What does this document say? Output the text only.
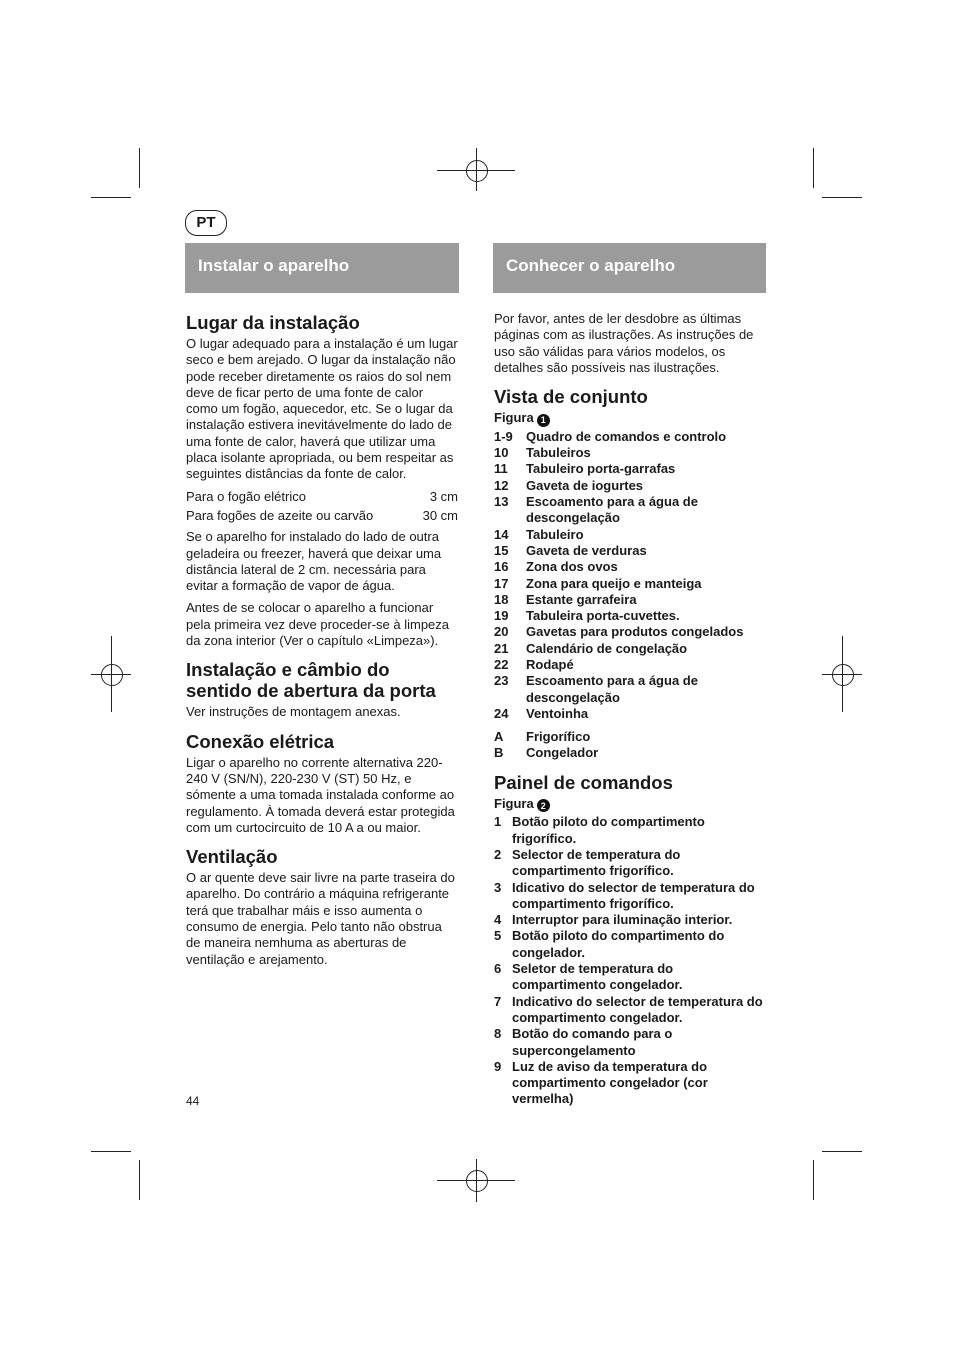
PT
Instalar o aparelho	Conhecer o aparelho
Lugar da instalação

O lugar adequado para a instalação é um lugar seco e bem arejado. O lugar da instalação não pode receber diretamente os raios do sol nem deve de ficar perto de uma fonte de calor como um fogão, aquecedor, etc. Se o lugar da instalação estivera inevitávelmente do lado de uma fonte de calor, haverá que utilizar uma placa isolante apropriada, ou bem respeitar as seguintes distâncias da fonte de calor.

Para o fogão elétrico	3 cm
Para fogões de azeite ou carvão	30 cm

Se o aparelho for instalado do lado de outra geladeira ou freezer, haverá que deixar uma distância lateral de 2 cm. necessária para evitar a formação de vapor de água.

Antes de se colocar o aparelho a funcionar pela primeira vez deve proceder-se à limpeza da zona interior (Ver o capítulo «Limpeza»).

Instalação e câmbio do sentido de abertura da porta

Ver instruções de montagem anexas.

Conexão elétrica

Ligar o aparelho no corrente alternativa 220-240 V (SN/N), 220-230 V (ST) 50 Hz, e sómente a uma tomada instalada conforme ao regulamento. À tomada deverá estar protegida com um curtocircuito de 10 A a ou maior.

Ventilação

O ar quente deve sair livre na parte traseira do aparelho. Do contrário a máquina refrigerante terá que trabalhar máis e isso aumenta o consumo de energia. Pelo tanto não obstrua de maneira nemhuma as aberturas de ventilação e arejamento.

Por favor, antes de ler desdobre as últimas páginas com as ilustrações. As instruções de uso são válidas para vários modelos, os detalhes são possíveis nas ilustrações.

Vista de conjunto
Figura 1
1-9	Quadro de comandos e controlo
10	Tabuleiros
11	Tabuleiro porta-garrafas
12	Gaveta de iogurtes
13	Escoamento para a água de descongelação
14	Tabuleiro
15	Gaveta de verduras
16	Zona dos ovos
17	Zona para queijo e manteiga
18	Estante garrafeira
19	Tabuleira porta-cuvettes.
20	Gavetas para produtos congelados
21	Calendário de congelação
22	Rodapé
23	Escoamento para a água de descongelação
24	Ventoinha
A	Frigorífico
B	Congelador
Painel de comandos
Figura 2
1 Botão piloto do compartimento frigorífico.
2 Selector de temperatura do compartimento frigorífico.
3 Idicativo do selector de temperatura do compartimento frigorífico.
4 Interruptor para iluminação interior.
5 Botão piloto do compartimento do congelador.
6 Seletor de temperatura do compartimento congelador.
7 Indicativo do selector de temperatura do compartimento congelador.
8 Botão do comando para o supercongelamento
9 Luz de aviso da temperatura do compartimento congelador (cor vermelha)
44
